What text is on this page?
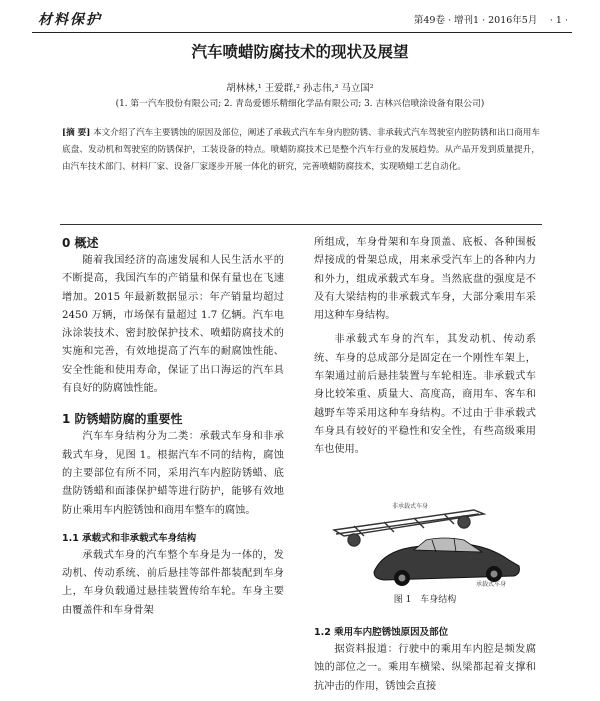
材料保护	第49卷 · 增刊1 · 2016年5月　 · 1 ·
汽车喷蜡防腐技术的现状及展望
胡林林,¹ 王爱群,² 孙志伟,³ 马立国²
(1. 第一汽车股份有限公司; 2. 青岛爱德乐精细化学品有限公司; 3. 吉林兴信喷涂设备有限公司)
[摘 要] 本文介绍了汽车主要锈蚀的原因及部位，阐述了承载式汽车车身内腔防锈、非承载式汽车驾驶室内腔防锈和出口商用车底盘、发动机和驾驶室的防锈保护，工装设备的特点。喷蜡防腐技术已是整个汽车行业的发展趋势。从产品开发到质量提升，由汽车技术部门、材料厂家、设备厂家逐步开展一体化的研究，完善喷蜡防腐技术，实现喷蜡工艺自动化。

0 概述

随着我国经济的高速发展和人民生活水平的不断提高，我国汽车的产销量和保有量也在飞速增加。2015 年最新数据显示：年产销量均超过 2450 万辆，市场保有量超过 1.7 亿辆。汽车电泳涂装技术、密封胶保护技术、喷蜡防腐技术的实施和完善，有效地提高了汽车的耐腐蚀性能、安全性能和使用寿命，保证了出口海运的汽车具有良好的防腐蚀性能。

1 防锈蜡防腐的重要性

汽车车身结构分为二类：承载式车身和非承载式车身，见图 1。根据汽车不同的结构，腐蚀的主要部位有所不同，采用汽车内腔防锈蜡、底盘防锈蜡和面漆保护蜡等进行防护，能够有效地防止乘用车内腔锈蚀和商用车整车的腐蚀。

1.1 承载式和非承载式车身结构

承载式车身的汽车整个车身是为一体的，发动机、传动系统、前后悬挂等部件都装配到车身上，车身负载通过悬挂装置传给车轮。车身主要由覆盖件和车身骨架

所组成，车身骨架和车身顶盖、底板、各种围板焊接成的骨架总成，用来承受汽车上的各种内力和外力，组成承载式车身。当然底盘的强度是不及有大梁结构的非承载式车身，大部分乘用车采用这种车身结构。

非承载式车身的汽车，其发动机、传动系统、车身的总成部分是固定在一个刚性车架上，车架通过前后悬挂装置与车轮相连。非承载式车身比较笨重、质量大、高度高，商用车、客车和越野车等采用这种车身结构。不过由于非承载式车身具有较好的平稳性和安全性，有些高级乘用车也使用。

非承载式车身
承载式车身
图 1　车身结构

1.2 乘用车内腔锈蚀原因及部位

据资料报道：行驶中的乘用车内腔是频发腐蚀的部位之一。乘用车横梁、纵梁都起着支撑和抗冲击的作用，锈蚀会直接
